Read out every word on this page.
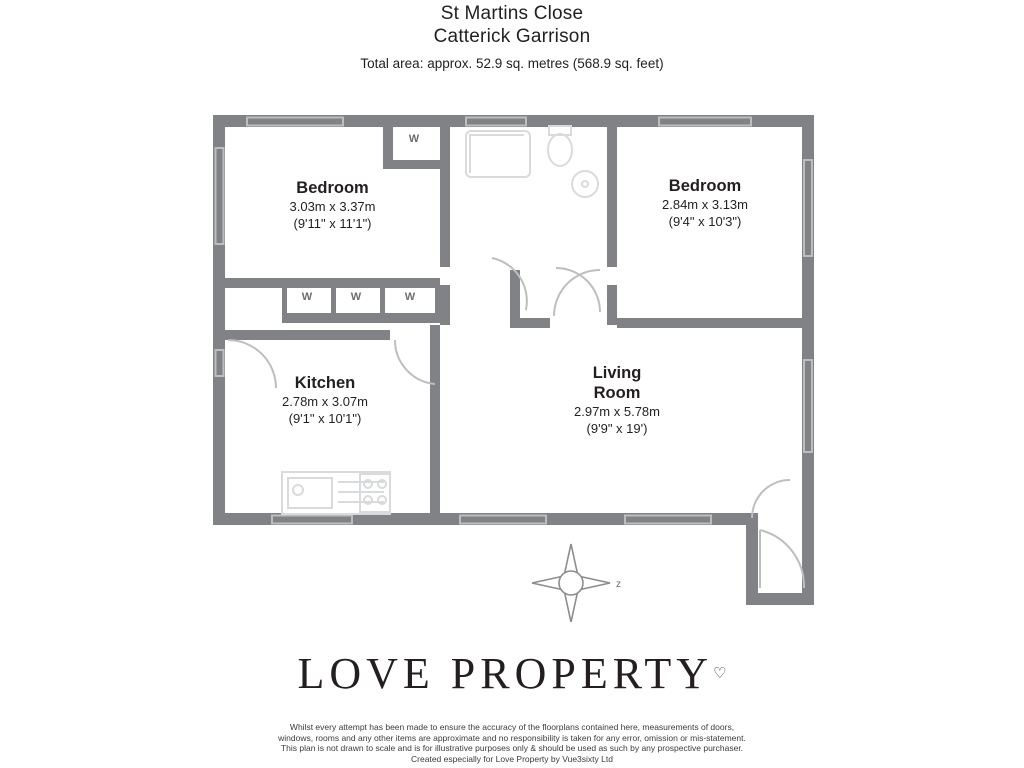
St Martins Close
Catterick Garrison
Total area: approx. 52.9 sq. metres (568.9 sq. feet)
Bedroom
3.03m x 3.37m
(9'11" x 11'1")
Bedroom
2.84m x 3.13m
(9'4" x 10'3")
Kitchen
2.78m x 3.07m
(9'1" x 10'1")
Living
Room
2.97m x 5.78m
(9'9" x 19')
W
W	W	W
z
LOVE PROPERTY♡
Whilst every attempt has been made to ensure the accuracy of the floorplans contained here, measurements of doors,
windows, rooms and any other items are approximate and no responsibility is taken for any error, omission or mis-statement.
This plan is not drawn to scale and is for illustrative purposes only & should be used as such by any prospective purchaser.
Created especially for Love Property by Vue3sixty Ltd
